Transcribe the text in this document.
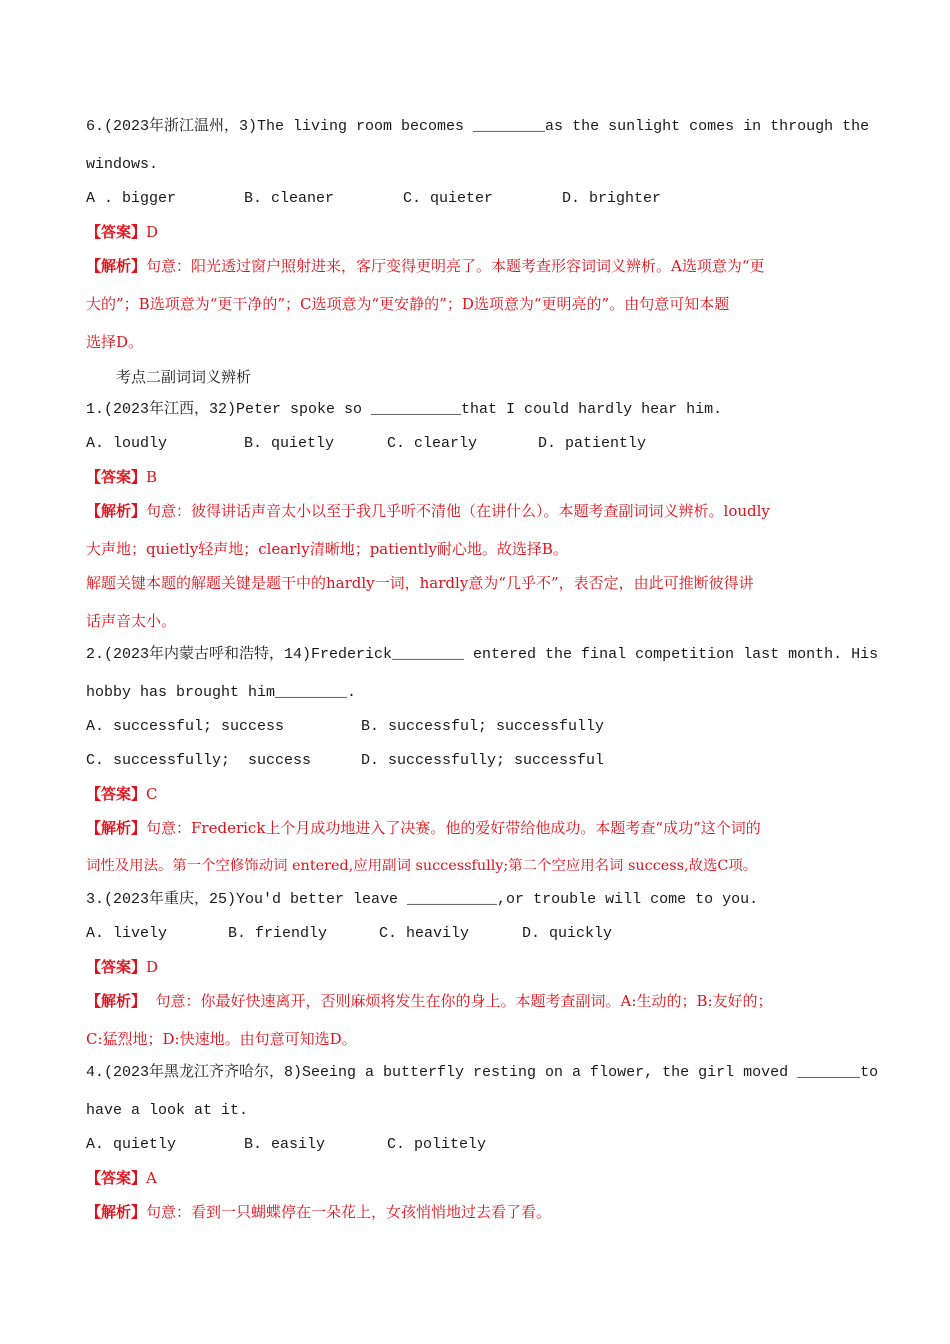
6.(2023年浙江温州，3)The living room becomes ________as the sunlight comes in through the
windows.
A . bigger	B. cleaner	C. quieter	D. brighter
【答案】D
【解析】句意：阳光透过窗户照射进来，客厅变得更明亮了。本题考查形容词词义辨析。A选项意为“更
大的”；B选项意为“更干净的”；C选项意为“更安静的”；D选项意为“更明亮的”。由句意可知本题
选择D。
考点二副词词义辨析
1.(2023年江西，32)Peter spoke so __________that I could hardly hear him.
A. loudly	B. quietly	C. clearly	D. patiently
【答案】B
【解析】句意：彼得讲话声音太小以至于我几乎听不清他（在讲什么）。本题考查副词词义辨析。loudly
大声地；quietly轻声地；clearly清晰地；patiently耐心地。故选择B。
解题关键本题的解题关键是题干中的hardly一词，hardly意为“几乎不”，表否定，由此可推断彼得讲
话声音太小。
2.(2023年内蒙古呼和浩特，14)Frederick________ entered the final competition last month. His
hobby has brought him________.
A. successful; success	B. successful; successfully
C. successfully;  success	D. successfully; successful
【答案】C
【解析】句意：Frederick上个月成功地进入了决赛。他的爱好带给他成功。本题考查“成功”这个词的
词性及用法。第一个空修饰动词 entered,应用副词 successfully;第二个空应用名词 success,故选C项。
3.(2023年重庆，25)You'd better leave __________,or trouble will come to you.
A. lively	B. friendly	C. heavily	D. quickly
【答案】D
【解析】  句意：你最好快速离开，否则麻烦将发生在你的身上。本题考查副词。A:生动的；B:友好的；
C:猛烈地；D:快速地。由句意可知选D。
4.(2023年黑龙江齐齐哈尔，8)Seeing a butterfly resting on a flower, the girl moved _______to
have a look at it.
A. quietly	B. easily	C. politely
【答案】A
【解析】句意：看到一只蝴蝶停在一朵花上，女孩悄悄地过去看了看。
